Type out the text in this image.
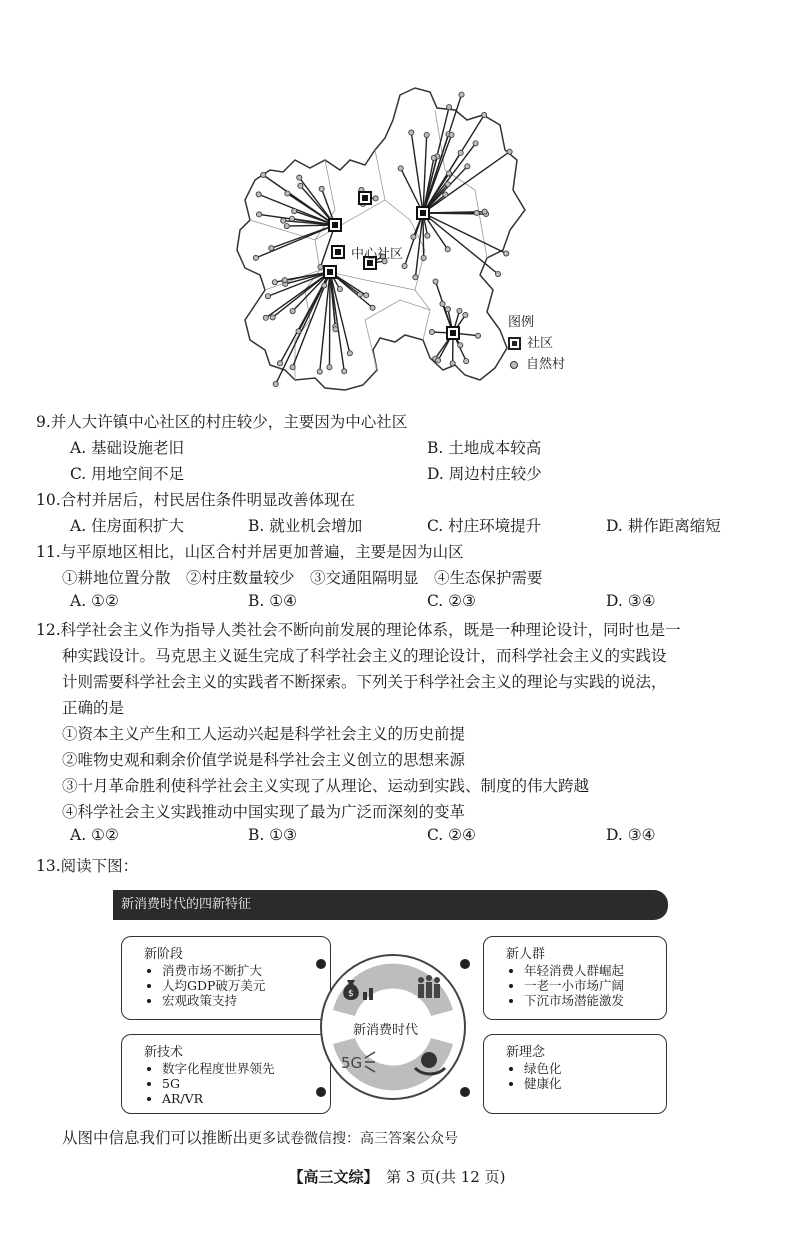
中心社区
图例
社区
自然村
9.并人大许镇中心社区的村庄较少，主要因为中心社区
A. 基础设施老旧	B. 土地成本较高
C. 用地空间不足	D. 周边村庄较少
10.合村并居后，村民居住条件明显改善体现在
A. 住房面积扩大	B. 就业机会增加	C. 村庄环境提升	D. 耕作距离缩短
11.与平原地区相比，山区合村并居更加普遍，主要是因为山区
①耕地位置分散　②村庄数量较少　③交通阻隔明显　④生态保护需要
A. ①②	B. ①④	C. ②③	D. ③④
12.科学社会主义作为指导人类社会不断向前发展的理论体系，既是一种理论设计，同时也是一
种实践设计。马克思主义诞生完成了科学社会主义的理论设计，而科学社会主义的实践设
计则需要科学社会主义的实践者不断探索。下列关于科学社会主义的理论与实践的说法，
正确的是
①资本主义产生和工人运动兴起是科学社会主义的历史前提
②唯物史观和剩余价值学说是科学社会主义创立的思想来源
③十月革命胜利使科学社会主义实现了从理论、运动到实践、制度的伟大跨越
④科学社会主义实践推动中国实现了最为广泛而深刻的变革
A. ①②	B. ①③	C. ②④	D. ③④
13.阅读下图：
新消费时代的四新特征
新阶段
• 消费市场不断扩大
• 人均GDP破万美元
• 宏观政策支持
新人群
• 年轻消费人群崛起
• 一老一小市场广阔
• 下沉市场潜能激发
新技术
• 数字化程度世界领先
• 5G
• AR/VR
新理念
• 绿色化
• 健康化
$
5G
新消费时代
从图中信息我们可以推断出更多试卷微信搜：高三答案公众号
【高三文综】　 第 3 页(共 12 页)
